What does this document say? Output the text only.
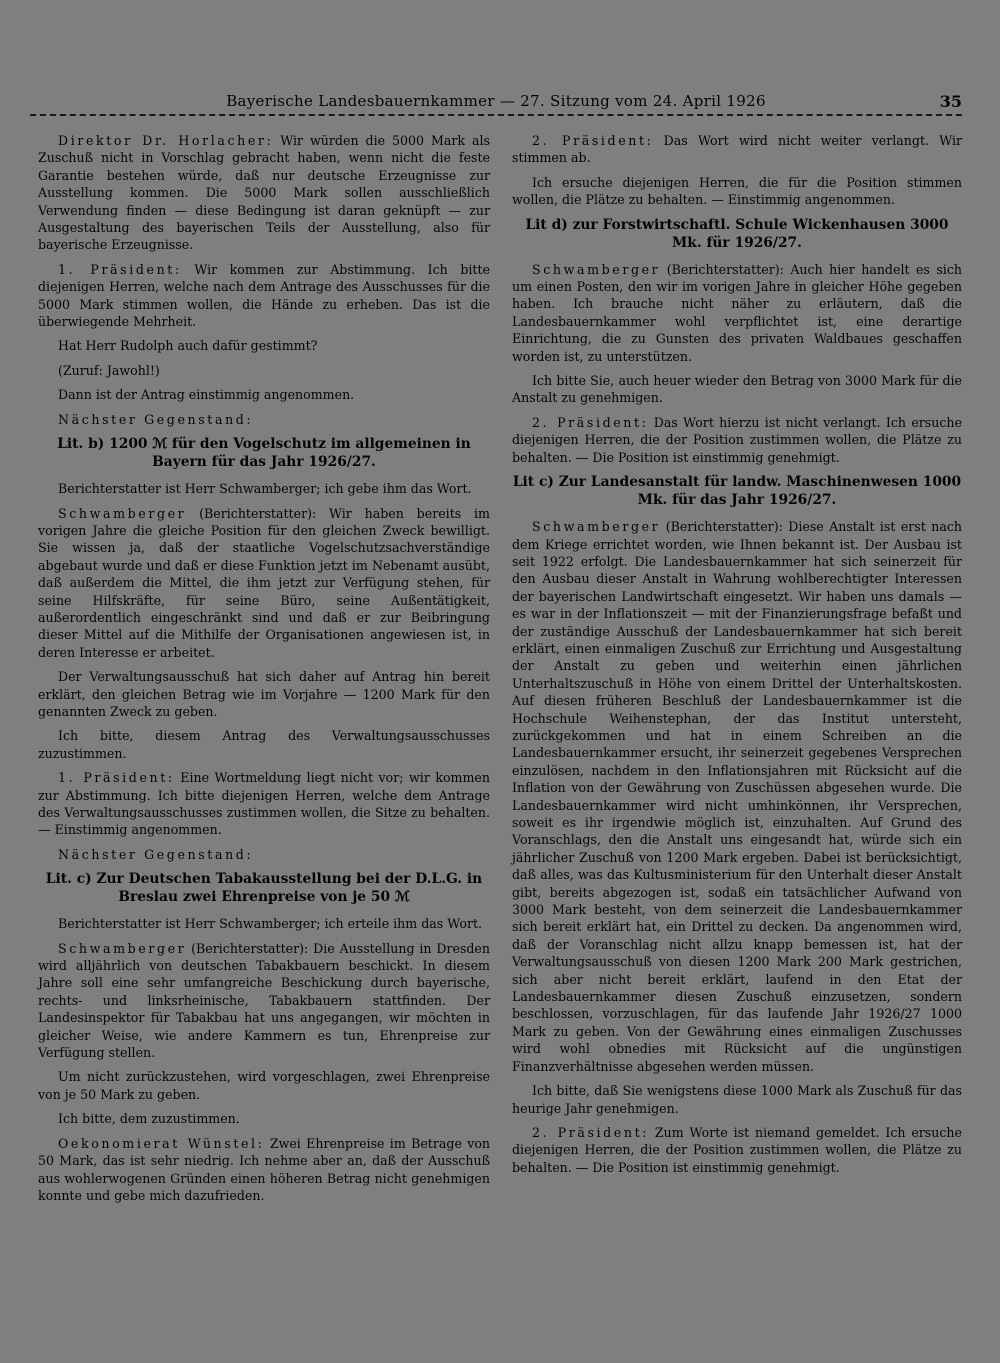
Bayerische Landesbauernkammer — 27. Sitzung vom 24. April 1926	35

Direktor Dr. Horlacher: Wir würden die 5000 Mark als Zuschuß nicht in Vorschlag gebracht haben, wenn nicht die feste Garantie bestehen würde, daß nur deutsche Erzeugnisse zur Ausstellung kommen. Die 5000 Mark sollen ausschließlich Verwendung finden — diese Bedingung ist daran geknüpft — zur Ausgestaltung des bayerischen Teils der Ausstellung, also für bayerische Erzeugnisse.

1. Präsident: Wir kommen zur Abstimmung. Ich bitte diejenigen Herren, welche nach dem Antrage des Ausschusses für die 5000 Mark stimmen wollen, die Hände zu erheben. Das ist die überwiegende Mehrheit.

Hat Herr Rudolph auch dafür gestimmt?

(Zuruf: Jawohl!)

Dann ist der Antrag einstimmig angenommen.

Nächster Gegenstand:

Lit. b) 1200 ℳ für den Vogelschutz im allgemeinen in Bayern für das Jahr 1926/27.

Berichterstatter ist Herr Schwamberger; ich gebe ihm das Wort.

Schwamberger (Berichterstatter): Wir haben bereits im vorigen Jahre die gleiche Position für den gleichen Zweck bewilligt. Sie wissen ja, daß der staatliche Vogelschutzsachverständige abgebaut wurde und daß er diese Funktion jetzt im Nebenamt ausübt, daß außerdem die Mittel, die ihm jetzt zur Verfügung stehen, für seine Hilfskräfte, für seine Büro, seine Außentätigkeit, außerordentlich eingeschränkt sind und daß er zur Beibringung dieser Mittel auf die Mithilfe der Organisationen angewiesen ist, in deren Interesse er arbeitet.

Der Verwaltungsausschuß hat sich daher auf Antrag hin bereit erklärt, den gleichen Betrag wie im Vorjahre — 1200 Mark für den genannten Zweck zu geben.

Ich bitte, diesem Antrag des Verwaltungsausschusses zuzustimmen.

1. Präsident: Eine Wortmeldung liegt nicht vor; wir kommen zur Abstimmung. Ich bitte diejenigen Herren, welche dem Antrage des Verwaltungsausschusses zustimmen wollen, die Sitze zu behalten. — Einstimmig angenommen.

Nächster Gegenstand:

Lit. c) Zur Deutschen Tabakausstellung bei der D.L.G. in Breslau zwei Ehrenpreise von je 50 ℳ

Berichterstatter ist Herr Schwamberger; ich erteile ihm das Wort.

Schwamberger (Berichterstatter): Die Ausstellung in Dresden wird alljährlich von deutschen Tabakbauern beschickt. In diesem Jahre soll eine sehr umfangreiche Beschickung durch bayerische, rechts- und linksrheinische, Tabakbauern stattfinden. Der Landesinspektor für Tabakbau hat uns angegangen, wir möchten in gleicher Weise, wie andere Kammern es tun, Ehrenpreise zur Verfügung stellen.

Um nicht zurückzustehen, wird vorgeschlagen, zwei Ehrenpreise von je 50 Mark zu geben.

Ich bitte, dem zuzustimmen.

Oekonomierat Wünstel: Zwei Ehrenpreise im Betrage von 50 Mark, das ist sehr niedrig. Ich nehme aber an, daß der Ausschuß aus wohlerwogenen Gründen einen höheren Betrag nicht genehmigen konnte und gebe mich dazufrieden.

2. Präsident: Das Wort wird nicht weiter verlangt. Wir stimmen ab.

Ich ersuche diejenigen Herren, die für die Position stimmen wollen, die Plätze zu behalten. — Einstimmig angenommen.

Lit d) zur Forstwirtschaftl. Schule Wickenhausen 3000 Mk. für 1926/27.

Schwamberger (Berichterstatter): Auch hier handelt es sich um einen Posten, den wir im vorigen Jahre in gleicher Höhe gegeben haben. Ich brauche nicht näher zu erläutern, daß die Landesbauernkammer wohl verpflichtet ist, eine derartige Einrichtung, die zu Gunsten des privaten Waldbaues geschaffen worden ist, zu unterstützen.

Ich bitte Sie, auch heuer wieder den Betrag von 3000 Mark für die Anstalt zu genehmigen.

2. Präsident: Das Wort hierzu ist nicht verlangt. Ich ersuche diejenigen Herren, die der Position zustimmen wollen, die Plätze zu behalten. — Die Position ist einstimmig genehmigt.

Lit c) Zur Landesanstalt für landw. Maschinenwesen 1000 Mk. für das Jahr 1926/27.

Schwamberger (Berichterstatter): Diese Anstalt ist erst nach dem Kriege errichtet worden, wie Ihnen bekannt ist. Der Ausbau ist seit 1922 erfolgt. Die Landesbauernkammer hat sich seinerzeit für den Ausbau dieser Anstalt in Wahrung wohlberechtigter Interessen der bayerischen Landwirtschaft eingesetzt. Wir haben uns damals — es war in der Inflationszeit — mit der Finanzierungsfrage befaßt und der zuständige Ausschuß der Landesbauernkammer hat sich bereit erklärt, einen einmaligen Zuschuß zur Errichtung und Ausgestaltung der Anstalt zu geben und weiterhin einen jährlichen Unterhaltszuschuß in Höhe von einem Drittel der Unterhaltskosten. Auf diesen früheren Beschluß der Landesbauernkammer ist die Hochschule Weihenstephan, der das Institut untersteht, zurückgekommen und hat in einem Schreiben an die Landesbauernkammer ersucht, ihr seinerzeit gegebenes Versprechen einzulösen, nachdem in den Inflationsjahren mit Rücksicht auf die Inflation von der Gewährung von Zuschüssen abgesehen wurde. Die Landesbauernkammer wird nicht umhinkönnen, ihr Versprechen, soweit es ihr irgendwie möglich ist, einzuhalten. Auf Grund des Voranschlags, den die Anstalt uns eingesandt hat, würde sich ein jährlicher Zuschuß von 1200 Mark ergeben. Dabei ist berücksichtigt, daß alles, was das Kultusministerium für den Unterhalt dieser Anstalt gibt, bereits abgezogen ist, sodaß ein tatsächlicher Aufwand von 3000 Mark besteht, von dem seinerzeit die Landesbauernkammer sich bereit erklärt hat, ein Drittel zu decken. Da angenommen wird, daß der Voranschlag nicht allzu knapp bemessen ist, hat der Verwaltungsausschuß von diesen 1200 Mark 200 Mark gestrichen, sich aber nicht bereit erklärt, laufend in den Etat der Landesbauernkammer diesen Zuschuß einzusetzen, sondern beschlossen, vorzuschlagen, für das laufende Jahr 1926/27 1000 Mark zu geben. Von der Gewährung eines einmaligen Zuschusses wird wohl obnedies mit Rücksicht auf die ungünstigen Finanzverhältnisse abgesehen werden müssen.

Ich bitte, daß Sie wenigstens diese 1000 Mark als Zuschuß für das heurige Jahr genehmigen.

2. Präsident: Zum Worte ist niemand gemeldet. Ich ersuche diejenigen Herren, die der Position zustimmen wollen, die Plätze zu behalten. — Die Position ist einstimmig genehmigt.
